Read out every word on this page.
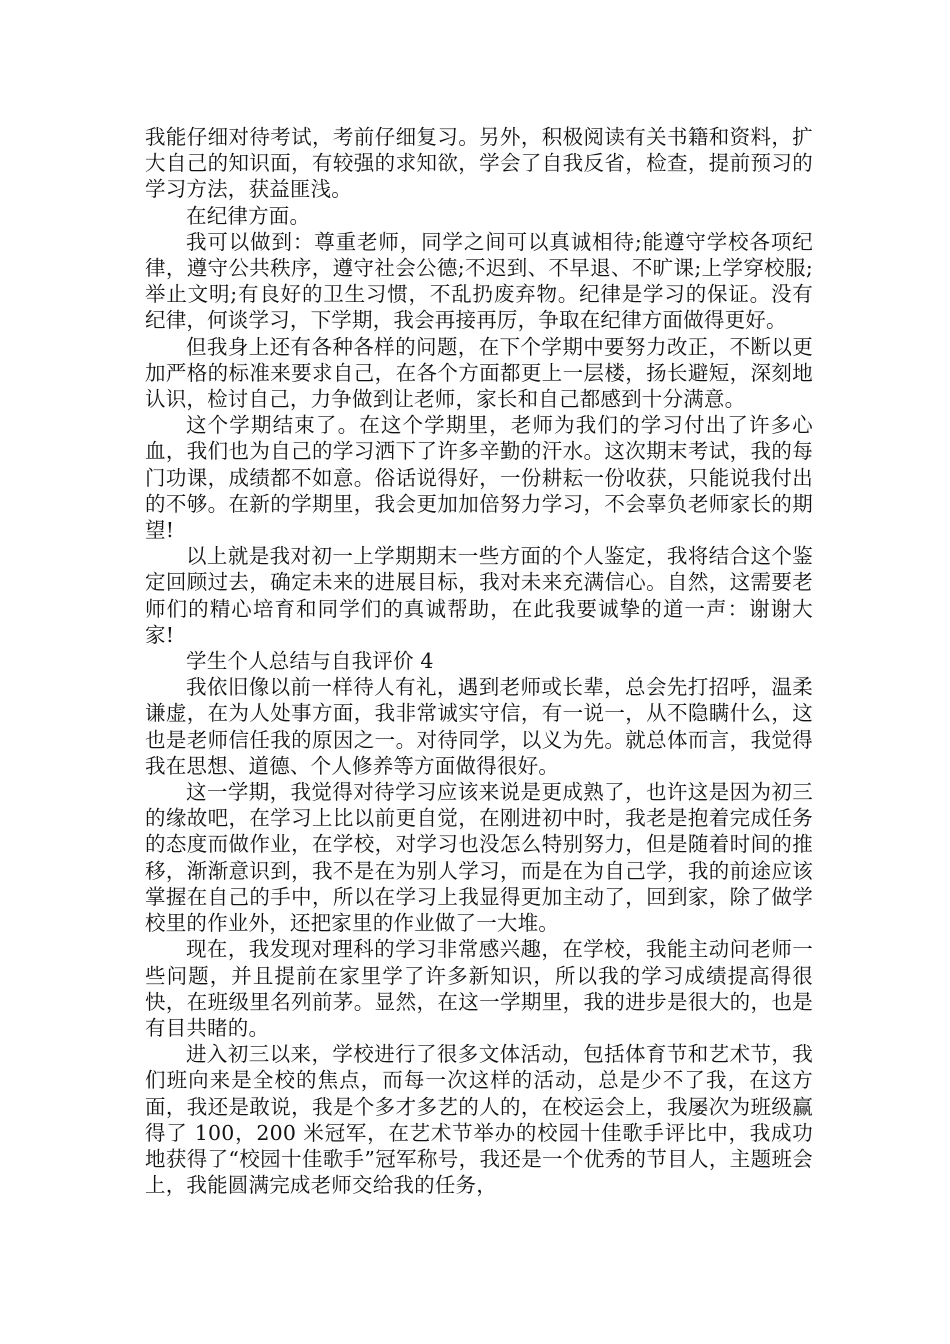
我能仔细对待考试，考前仔细复习。另外，积极阅读有关书籍和资料，扩大自己的知识面，有较强的求知欲，学会了自我反省，检查，提前预习的学习方法，获益匪浅。

在纪律方面。

我可以做到：尊重老师，同学之间可以真诚相待;能遵守学校各项纪律，遵守公共秩序，遵守社会公德;不迟到、不早退、不旷课;上学穿校服;举止文明;有良好的卫生习惯，不乱扔废弃物。纪律是学习的保证。没有纪律，何谈学习，下学期，我会再接再厉，争取在纪律方面做得更好。

但我身上还有各种各样的问题，在下个学期中要努力改正，不断以更加严格的标准来要求自己，在各个方面都更上一层楼，扬长避短，深刻地认识，检讨自己，力争做到让老师，家长和自己都感到十分满意。

这个学期结束了。在这个学期里，老师为我们的学习付出了许多心血，我们也为自己的学习洒下了许多辛勤的汗水。这次期末考试，我的每门功课，成绩都不如意。俗话说得好，一份耕耘一份收获，只能说我付出的不够。在新的学期里，我会更加加倍努力学习，不会辜负老师家长的期望!

以上就是我对初一上学期期末一些方面的个人鉴定，我将结合这个鉴定回顾过去，确定未来的进展目标，我对未来充满信心。自然，这需要老师们的精心培育和同学们的真诚帮助，在此我要诚挚的道一声：谢谢大家!

学生个人总结与自我评价 4

我依旧像以前一样待人有礼，遇到老师或长辈，总会先打招呼，温柔谦虚，在为人处事方面，我非常诚实守信，有一说一，从不隐瞒什么，这也是老师信任我的原因之一。对待同学，以义为先。就总体而言，我觉得我在思想、道德、个人修养等方面做得很好。

这一学期，我觉得对待学习应该来说是更成熟了，也许这是因为初三的缘故吧，在学习上比以前更自觉，在刚进初中时，我老是抱着完成任务的态度而做作业，在学校，对学习也没怎么特别努力，但是随着时间的推移，渐渐意识到，我不是在为别人学习，而是在为自己学，我的前途应该掌握在自己的手中，所以在学习上我显得更加主动了，回到家，除了做学校里的作业外，还把家里的作业做了一大堆。

现在，我发现对理科的学习非常感兴趣，在学校，我能主动问老师一些问题，并且提前在家里学了许多新知识，所以我的学习成绩提高得很快，在班级里名列前茅。显然，在这一学期里，我的进步是很大的，也是有目共睹的。

进入初三以来，学校进行了很多文体活动，包括体育节和艺术节，我们班向来是全校的焦点，而每一次这样的活动，总是少不了我，在这方面，我还是敢说，我是个多才多艺的人的，在校运会上，我屡次为班级赢得了 100，200 米冠军，在艺术节举办的校园十佳歌手评比中，我成功地获得了“校园十佳歌手”冠军称号，我还是一个优秀的节目人，主题班会上，我能圆满完成老师交给我的任务，
